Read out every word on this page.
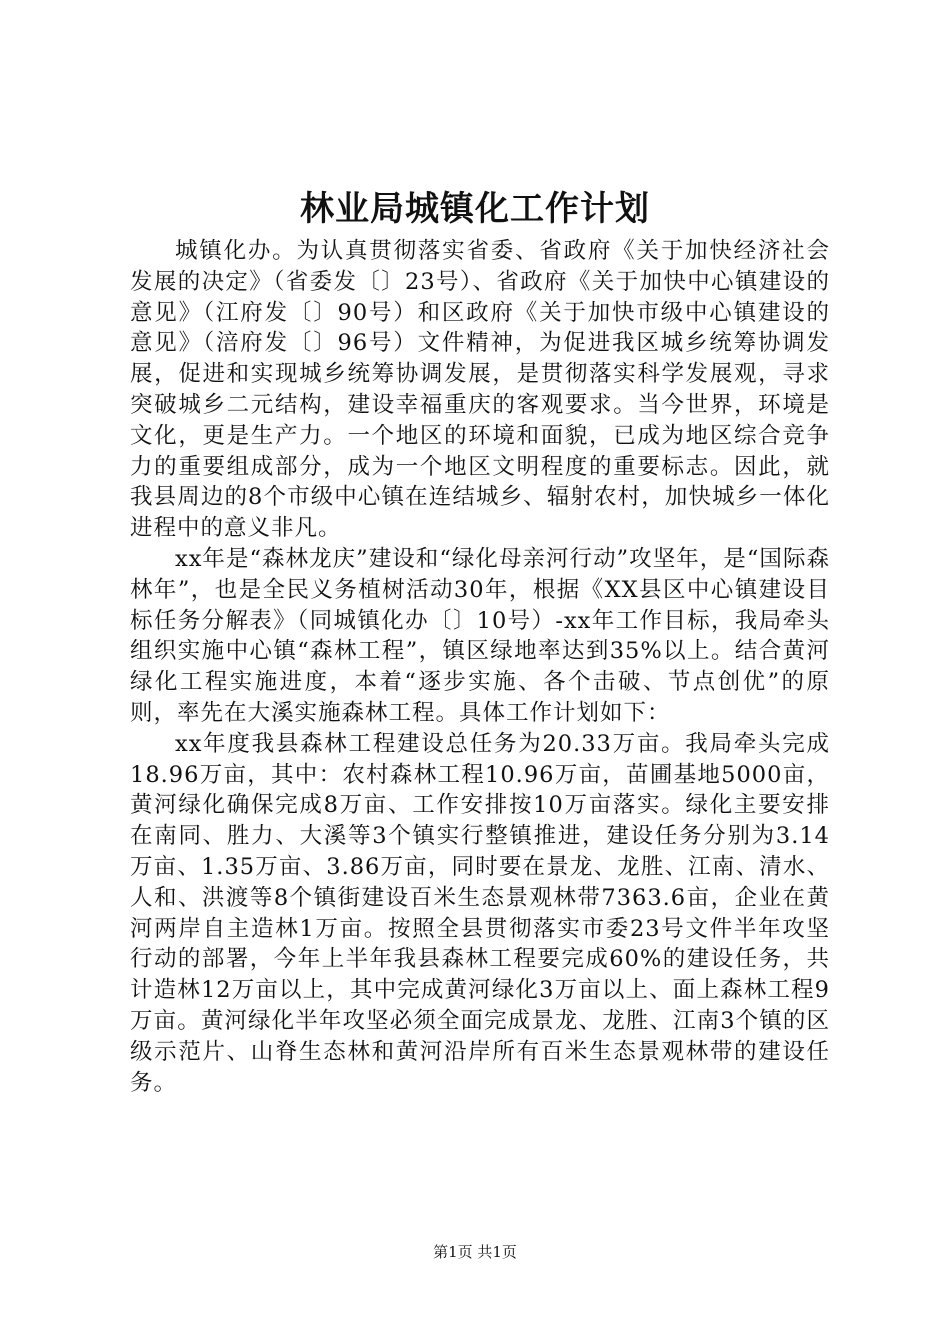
林业局城镇化工作计划

城镇化办。为认真贯彻落实省委、省政府《关于加快经济社会发展的决定》（省委发〔〕23号）、省政府《关于加快中心镇建设的意见》（江府发〔〕90号）和区政府《关于加快市级中心镇建设的意见》（涪府发〔〕96号）文件精神，为促进我区城乡统筹协调发展，促进和实现城乡统筹协调发展，是贯彻落实科学发展观，寻求突破城乡二元结构，建设幸福重庆的客观要求。当今世界，环境是文化，更是生产力。一个地区的环境和面貌，已成为地区综合竞争力的重要组成部分，成为一个地区文明程度的重要标志。因此，就我县周边的8个市级中心镇在连结城乡、辐射农村，加快城乡一体化进程中的意义非凡。

xx年是“森林龙庆”建设和“绿化母亲河行动”攻坚年，是“国际森林年”，也是全民义务植树活动30年，根据《XX县区中心镇建设目标任务分解表》（同城镇化办〔〕10号）-xx年工作目标，我局牵头组织实施中心镇“森林工程”，镇区绿地率达到35%以上。结合黄河绿化工程实施进度，本着“逐步实施、各个击破、节点创优”的原则，率先在大溪实施森林工程。具体工作计划如下：

xx年度我县森林工程建设总任务为20.33万亩。我局牵头完成18.96万亩，其中：农村森林工程10.96万亩，苗圃基地5000亩，黄河绿化确保完成8万亩、工作安排按10万亩落实。绿化主要安排在南同、胜力、大溪等3个镇实行整镇推进，建设任务分别为3.14万亩、1.35万亩、3.86万亩，同时要在景龙、龙胜、江南、清水、人和、洪渡等8个镇街建设百米生态景观林带7363.6亩，企业在黄河两岸自主造林1万亩。按照全县贯彻落实市委23号文件半年攻坚行动的部署，今年上半年我县森林工程要完成60%的建设任务，共计造林12万亩以上，其中完成黄河绿化3万亩以上、面上森林工程9万亩。黄河绿化半年攻坚必须全面完成景龙、龙胜、江南3个镇的区级示范片、山脊生态林和黄河沿岸所有百米生态景观林带的建设任务。

第1页 共1页
